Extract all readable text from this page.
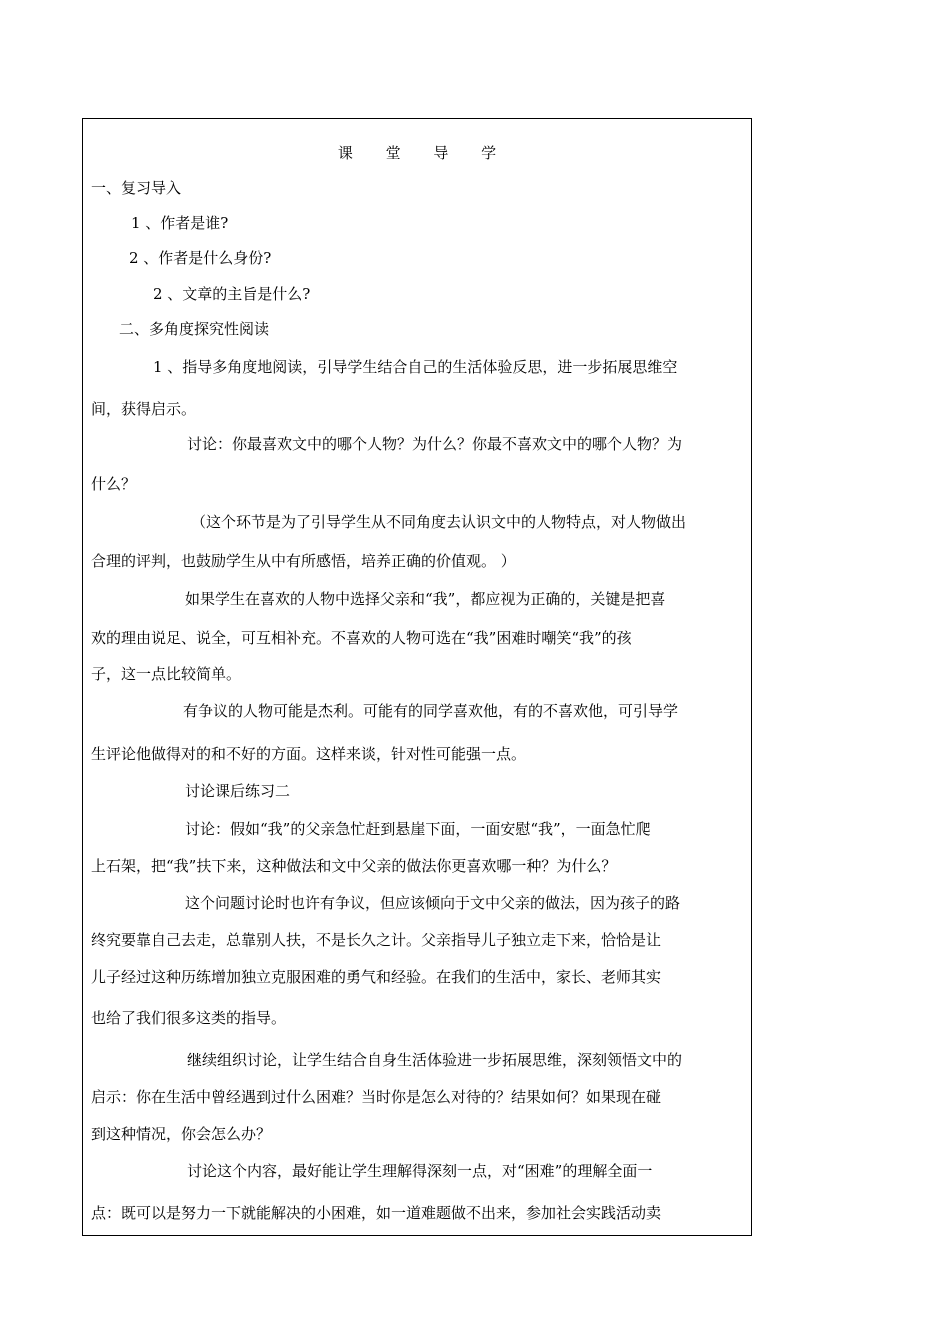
课 堂 导 学
一、复习导入
1 、作者是谁?
2 、作者是什么身份?
2 、文章的主旨是什么?
二、多角度探究性阅读
1 、指导多角度地阅读，引导学生结合自己的生活体验反思，进一步拓展思维空
间，获得启示。
讨论：你最喜欢文中的哪个人物？为什么？你最不喜欢文中的哪个人物？为
什么？
（这个环节是为了引导学生从不同角度去认识文中的人物特点，对人物做出
合理的评判，也鼓励学生从中有所感悟，培养正确的价值观。 ）
如果学生在喜欢的人物中选择父亲和“我”，都应视为正确的，关键是把喜
欢的理由说足、说全，可互相补充。不喜欢的人物可选在“我”困难时嘲笑“我”的孩
子，这一点比较简单。
有争议的人物可能是杰利。可能有的同学喜欢他，有的不喜欢他，可引导学
生评论他做得对的和不好的方面。这样来谈，针对性可能强一点。
讨论课后练习二
讨论：假如“我”的父亲急忙赶到悬崖下面，一面安慰“我”，一面急忙爬
上石架，把“我”扶下来，这种做法和文中父亲的做法你更喜欢哪一种？为什么？
这个问题讨论时也许有争议，但应该倾向于文中父亲的做法，因为孩子的路
终究要靠自己去走，总靠别人扶，不是长久之计。父亲指导儿子独立走下来，恰恰是让
儿子经过这种历练增加独立克服困难的勇气和经验。在我们的生活中，家长、老师其实
也给了我们很多这类的指导。
继续组织讨论，让学生结合自身生活体验进一步拓展思维，深刻领悟文中的
启示：你在生活中曾经遇到过什么困难？当时你是怎么对待的？结果如何？如果现在碰
到这种情况，你会怎么办？
讨论这个内容，最好能让学生理解得深刻一点，对“困难”的理解全面一
点：既可以是努力一下就能解决的小困难，如一道难题做不出来，参加社会实践活动卖
